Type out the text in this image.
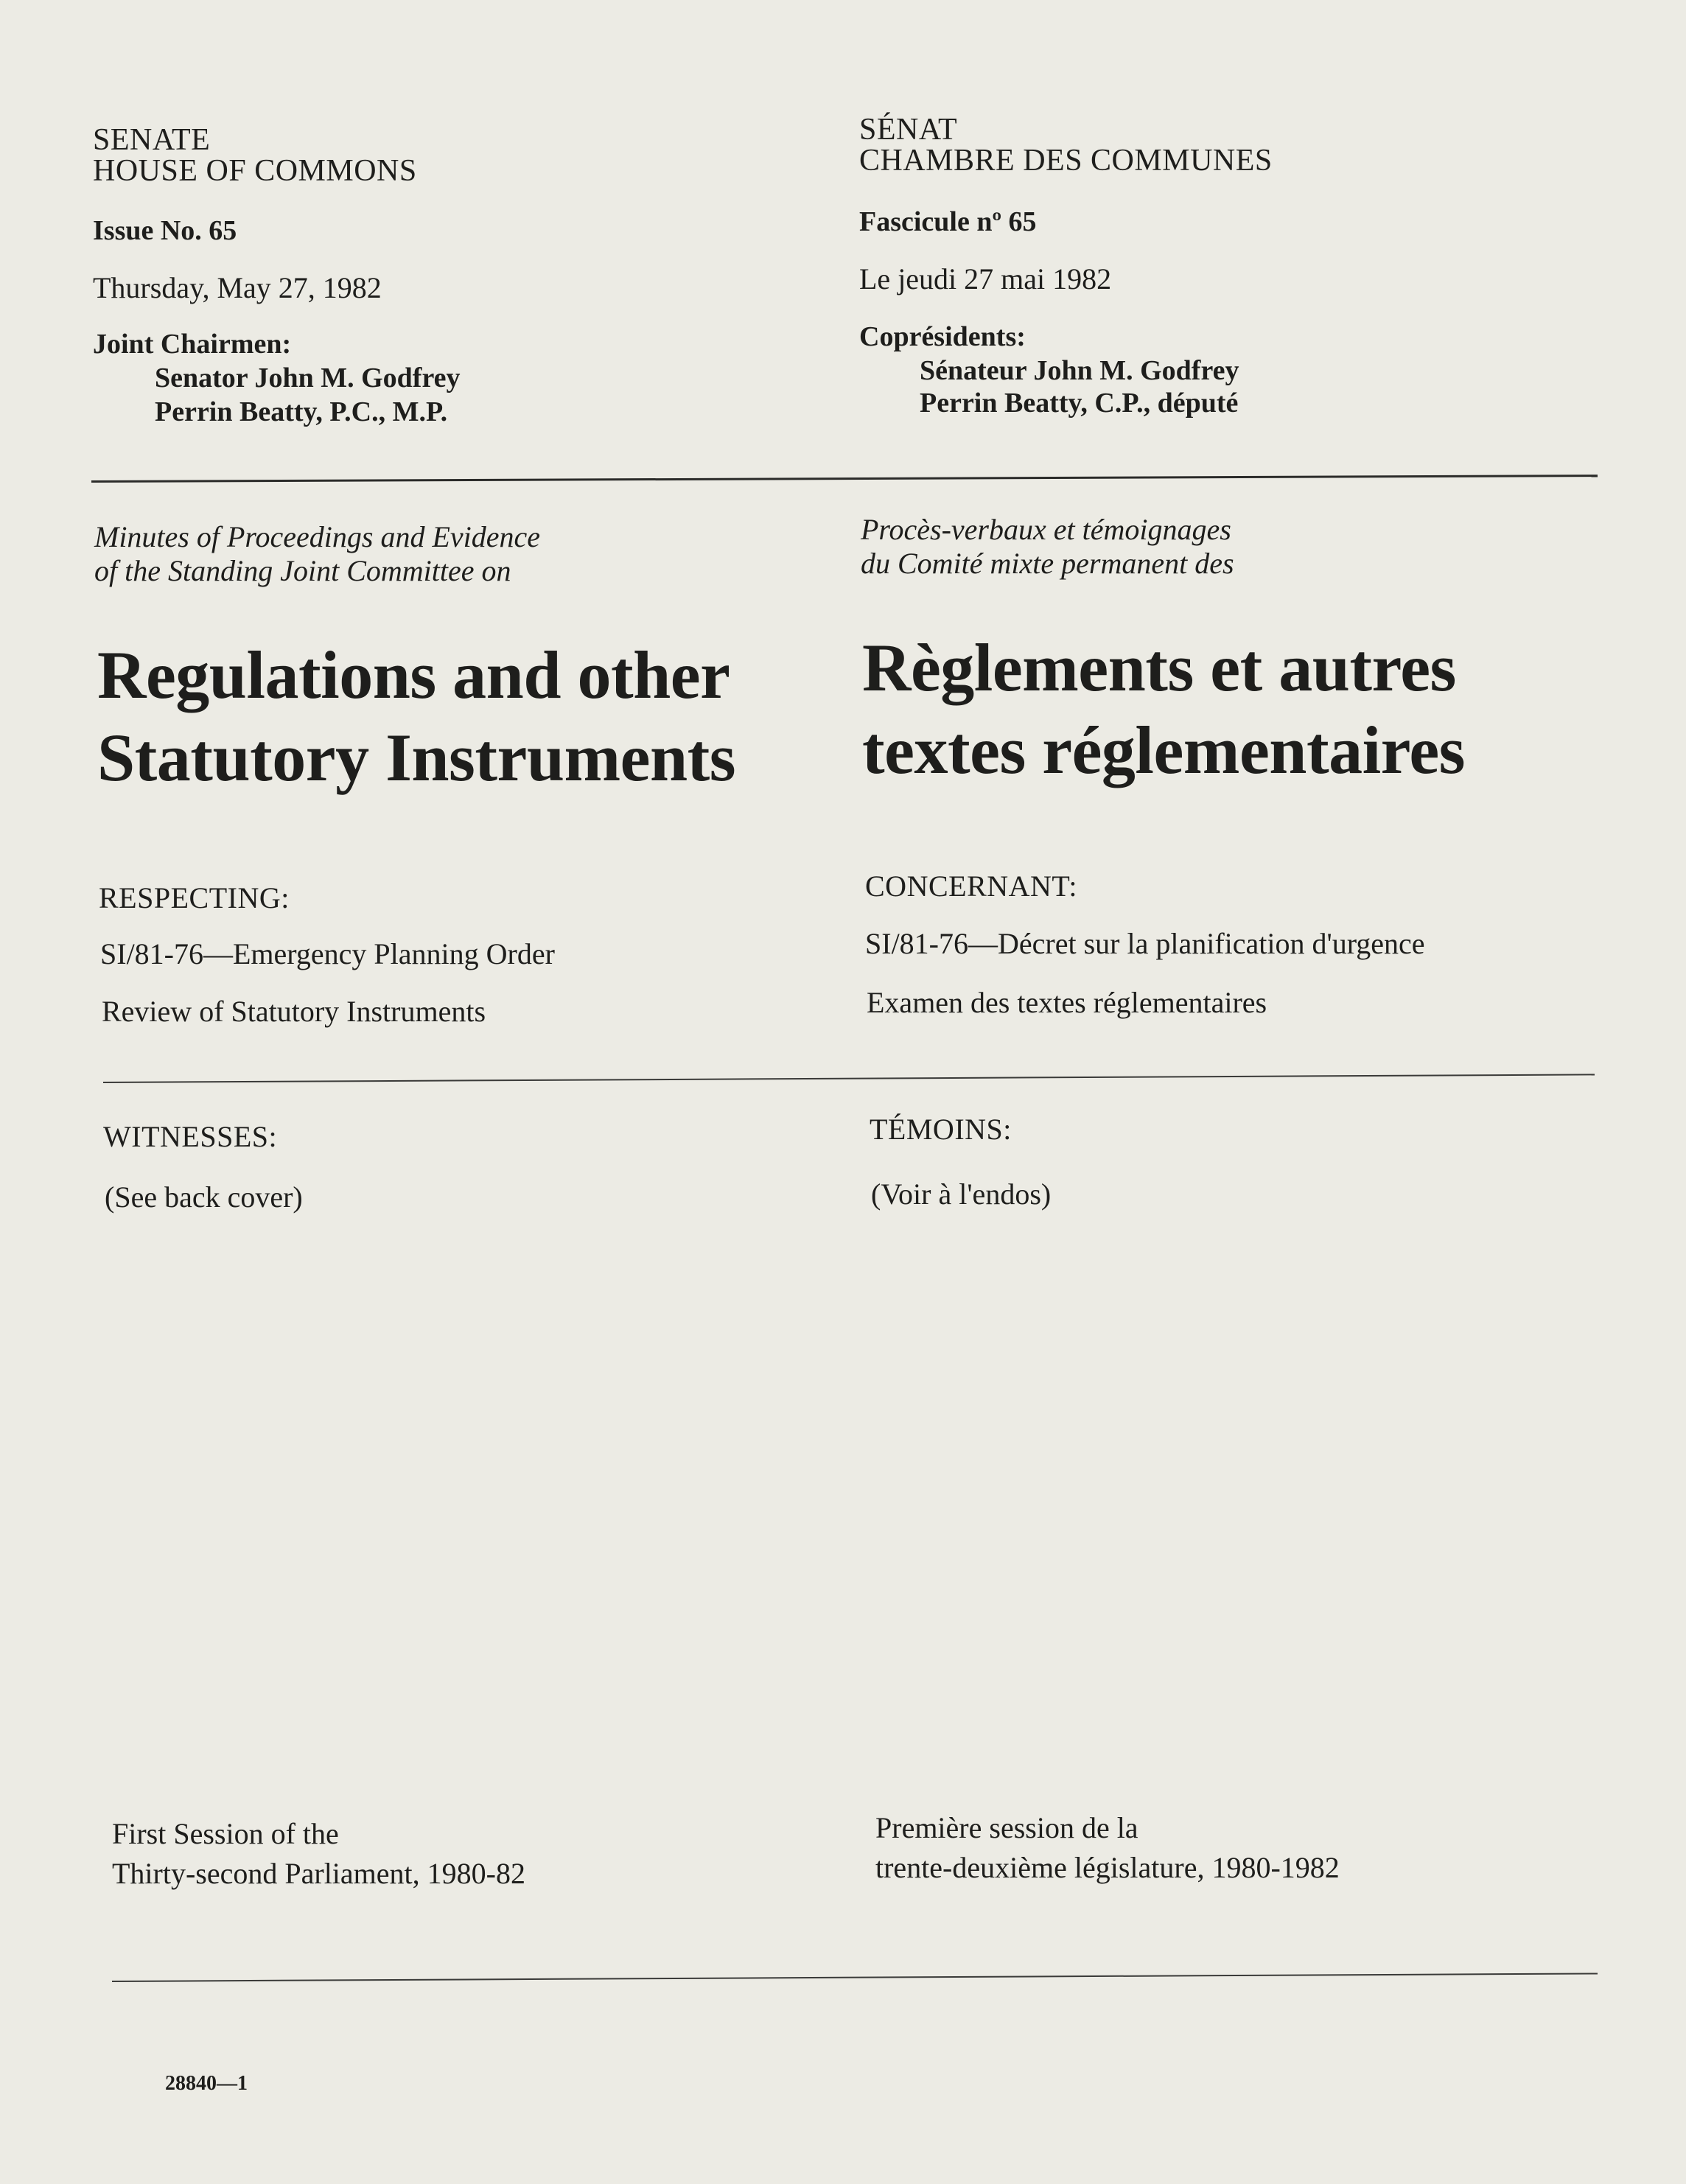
SENATE
HOUSE OF COMMONS
Issue No. 65
Thursday, May 27, 1982
Joint Chairmen:
Senator John M. Godfrey
Perrin Beatty, P.C., M.P.
Minutes of Proceedings and Evidence
of the Standing Joint Committee on
Regulations and other
Statutory Instruments
RESPECTING:
SI/81-76—Emergency Planning Order
Review of Statutory Instruments
WITNESSES:
(See back cover)
First Session of the
Thirty-second Parliament, 1980-82
28840—1
SÉNAT
CHAMBRE DES COMMUNES
Fascicule nº 65
Le jeudi 27 mai 1982
Coprésidents:
Sénateur John M. Godfrey
Perrin Beatty, C.P., député
Procès-verbaux et témoignages
du Comité mixte permanent des
Règlements et autres
textes réglementaires
CONCERNANT:
SI/81-76—Décret sur la planification d'urgence
Examen des textes réglementaires
TÉMOINS:
(Voir à l'endos)
Première session de la
trente-deuxième législature, 1980-1982
